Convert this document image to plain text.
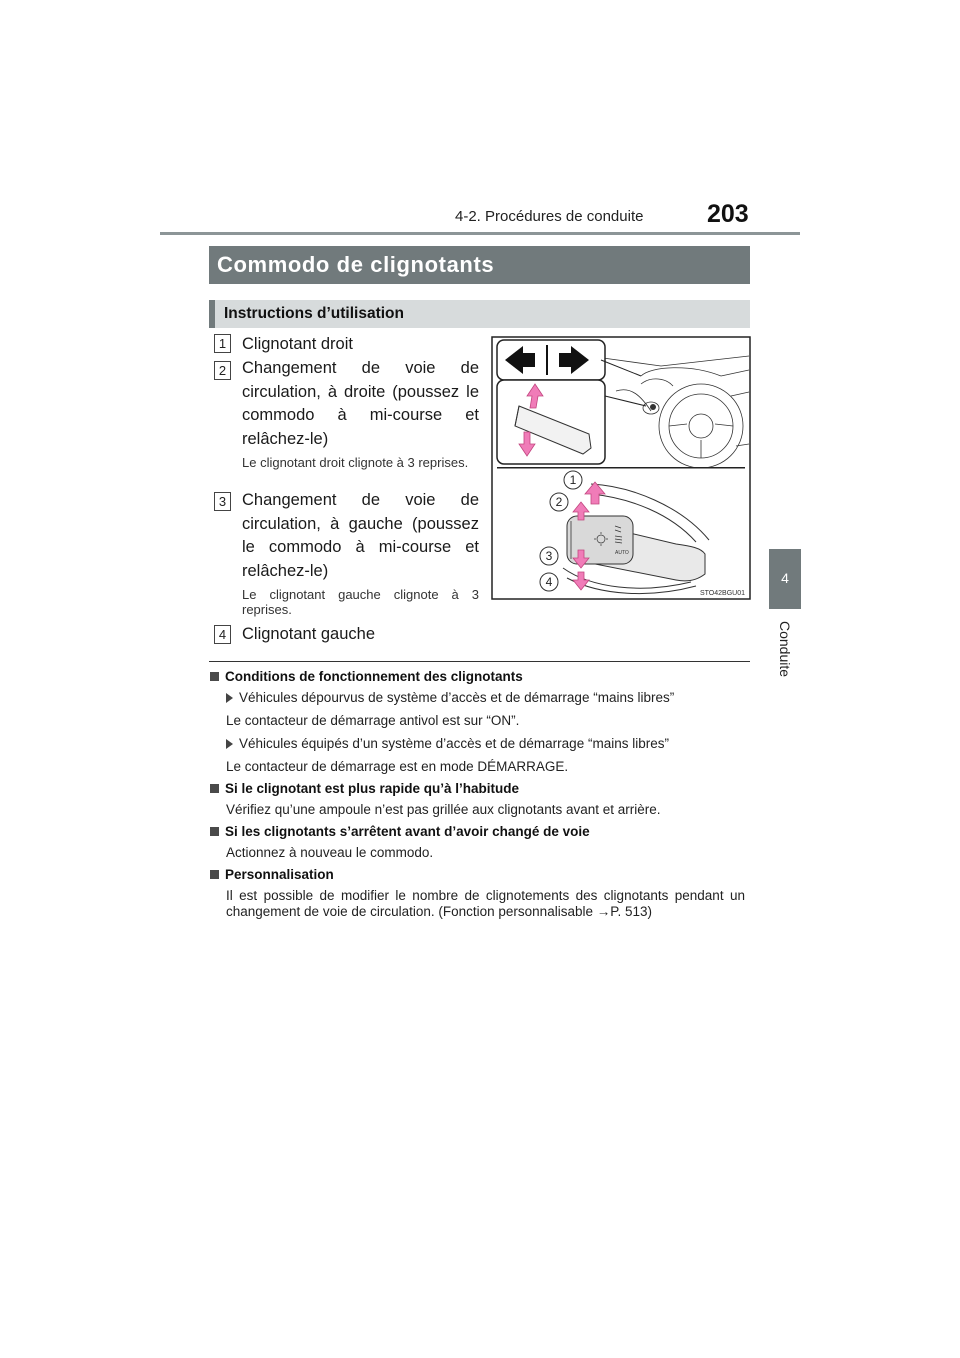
4-2. Procédures de conduite	203
4
Conduite
Commodo de clignotants
Instructions d’utilisation
1 Clignotant droit
2 Changement de voie de circulation, à droite (poussez le commodo à mi-course et relâchez-le)
Le clignotant droit clignote à 3 reprises.
3 Changement de voie de circulation, à gauche (poussez le commodo à mi-course et relâchez-le)
Le clignotant gauche clignote à 3 reprises.
4 Clignotant gauche
AUTO
1
2
3
4
STO42BGU01
Conditions de fonctionnement des clignotants
Véhicules dépourvus de système d’accès et de démarrage “mains libres”
Le contacteur de démarrage antivol est sur “ON”.
Véhicules équipés d’un système d’accès et de démarrage “mains libres”
Le contacteur de démarrage est en mode DÉMARRAGE.
Si le clignotant est plus rapide qu’à l’habitude
Vérifiez qu’une ampoule n’est pas grillée aux clignotants avant et arrière.
Si les clignotants s’arrêtent avant d’avoir changé de voie
Actionnez à nouveau le commodo.
Personnalisation
Il est possible de modifier le nombre de clignotements des clignotants pendant un changement de voie de circulation. (Fonction personnalisable →P. 513)
